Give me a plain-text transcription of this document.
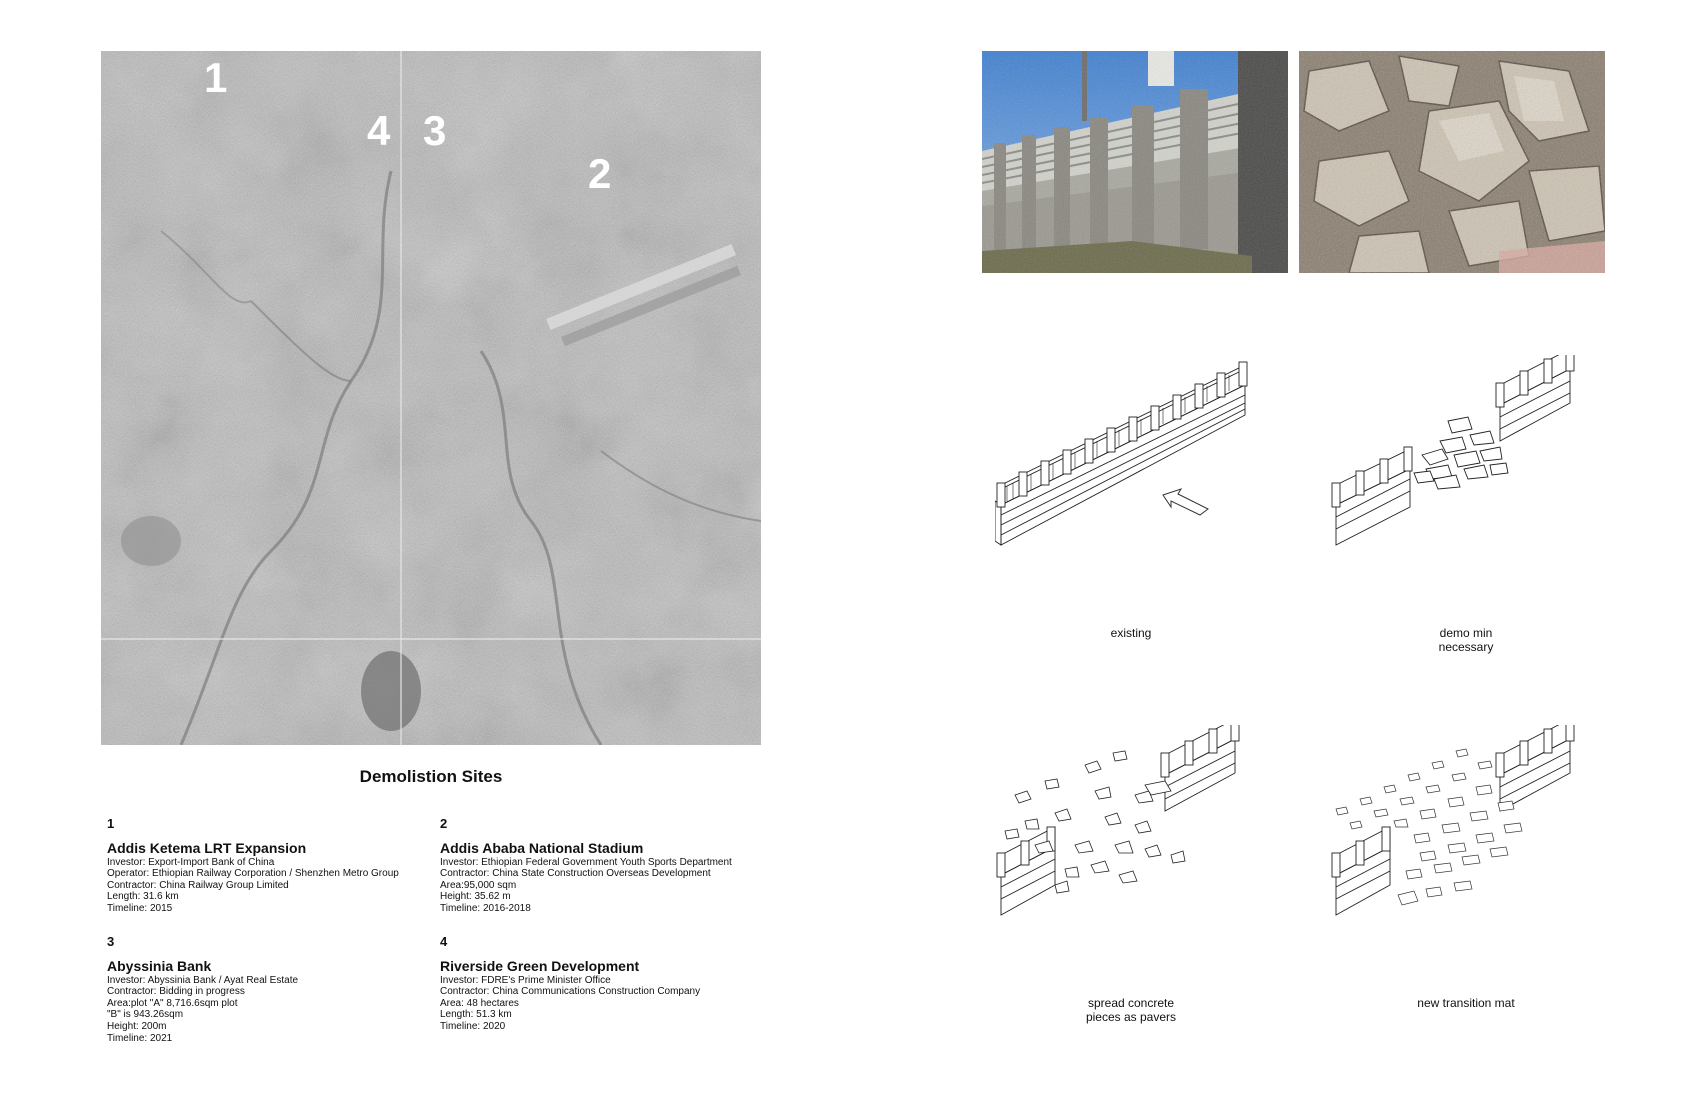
1
4 3
2
Demolistion Sites
1
Addis Ketema LRT Expansion
Investor: Export-Import Bank of China
Operator: Ethiopian Railway Corporation / Shenzhen Metro Group
Contractor: China Railway Group Limited
Length: 31.6 km
Timeline: 2015
2
Addis Ababa National Stadium
Investor: Ethiopian Federal Government Youth Sports Department
Contractor: China State Construction Overseas Development
Area:95,000 sqm
Height: 35.62 m
Timeline: 2016-2018
3
Abyssinia Bank
Investor: Abyssinia Bank / Ayat Real Estate
Contractor: Bidding in progress
Area:plot "A" 8,716.6sqm plot
"B" is 943.26sqm
Height: 200m
Timeline: 2021
4
Riverside Green Development
Investor: FDRE's Prime Minister Office
Contractor: China Communications Construction Company
Area: 48 hectares
Length: 51.3 km
Timeline: 2020
existing	demo min
necessary
spread concrete
pieces as pavers
new transition mat
